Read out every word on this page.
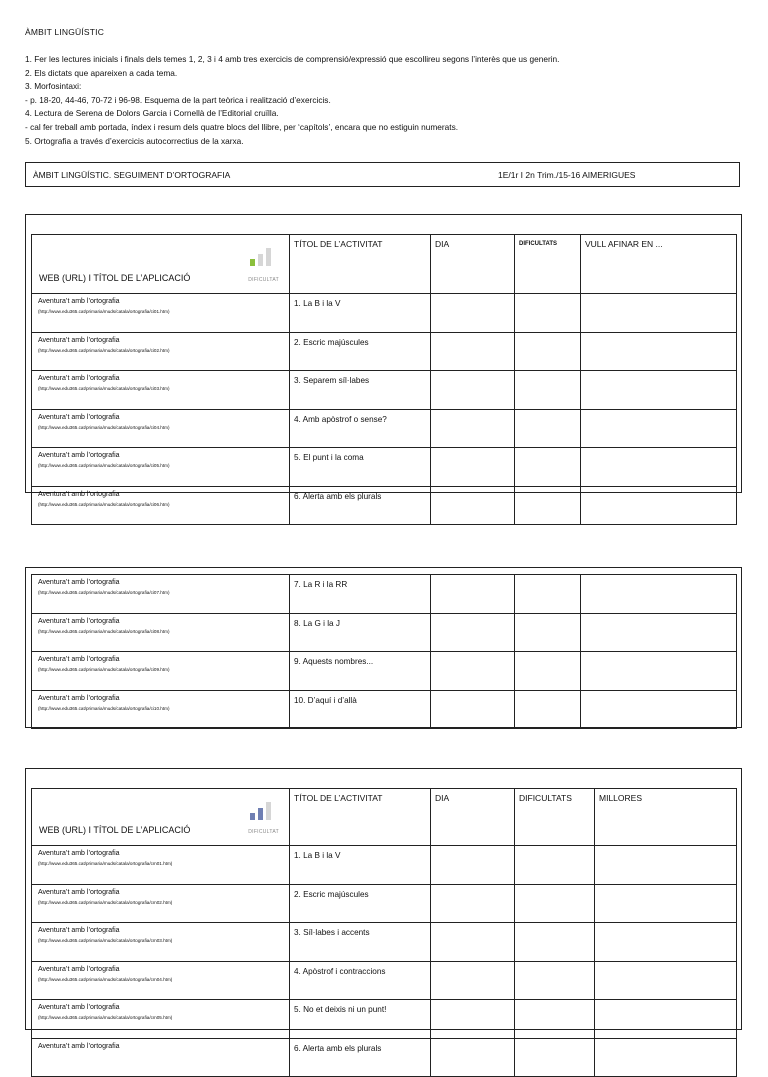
ÀMBIT LINGÜÍSTIC
1. Fer les lectures inicials i finals dels temes 1, 2, 3 i 4 amb tres exercicis de comprensió/expressió que escollireu segons l’interès que us generin.
2. Els dictats que apareixen a cada tema.
3. Morfosintaxi:
- p. 18-20, 44-46, 70-72 i 96-98. Esquema de la part teòrica i realització d’exercicis.
4. Lectura de Serena de Dolors Garcia i Cornellà de l’Editorial cruïlla.
- cal fer treball amb portada, índex i resum dels quatre blocs del llibre, per ‘capítols’, encara que no estiguin numerats.
5. Ortografia a través d’exercicis autocorrectius de la xarxa.
ÀMBIT LINGÜÍSTIC. SEGUIMENT D’ORTOGRAFIA	1E/1r I 2n Trim./15-16 AIMERIGUES
DIFICULTAT
WEB (URL) I TÍTOL DE L’APLICACIÓ	TÍTOL DE L’ACTIVITAT	DIA	DIFICULTATS	VULL AFINAR EN ...

Aventura’t amb l’ortografia
(http://www.edu365.cat/primaria/muds/catala/ortografia/ci01.htm)	1. La B i la V			

Aventura’t amb l’ortografia
(http://www.edu365.cat/primaria/muds/catala/ortografia/ci02.htm)	2. Escric majúscules			

Aventura’t amb l’ortografia
(http://www.edu365.cat/primaria/muds/catala/ortografia/ci03.htm)	3. Separem síl·labes			

Aventura’t amb l’ortografia
(http://www.edu365.cat/primaria/muds/catala/ortografia/ci04.htm)	4. Amb apòstrof o sense?			

Aventura’t amb l’ortografia
(http://www.edu365.cat/primaria/muds/catala/ortografia/ci05.htm)	5. El punt i la coma			

Aventura’t amb l’ortografia
(http://www.edu365.cat/primaria/muds/catala/ortografia/ci06.htm)	6. Alerta amb els plurals			
Aventura’t amb l’ortografia
(http://www.edu365.cat/primaria/muds/catala/ortografia/ci07.htm)	7. La R i la RR			

Aventura’t amb l’ortografia
(http://www.edu365.cat/primaria/muds/catala/ortografia/ci08.htm)	8. La G i la J			

Aventura’t amb l’ortografia
(http://www.edu365.cat/primaria/muds/catala/ortografia/ci09.htm)	9. Aquests nombres...			

Aventura’t amb l’ortografia
(http://www.edu365.cat/primaria/muds/catala/ortografia/ci10.htm)	10. D’aquí i d’allà			
DIFICULTAT
WEB (URL) I TÍTOL DE L’APLICACIÓ	TÍTOL DE L’ACTIVITAT	DIA	DIFICULTATS	MILLORES

Aventura’t amb l’ortografia
(http://www.edu365.cat/primaria/muds/catala/ortografia/cm01.htm)	1. La B i la V			

Aventura’t amb l’ortografia
(http://www.edu365.cat/primaria/muds/catala/ortografia/cm02.htm)	2. Escric majúscules			

Aventura’t amb l’ortografia
(http://www.edu365.cat/primaria/muds/catala/ortografia/cm03.htm)	3. Síl·labes i accents			

Aventura’t amb l’ortografia
(http://www.edu365.cat/primaria/muds/catala/ortografia/cm04.htm)	4. Apòstrof i contraccions			

Aventura’t amb l’ortografia
(http://www.edu365.cat/primaria/muds/catala/ortografia/cm05.htm)	5. No et deixis ni un punt!			

Aventura’t amb l’ortografia	6. Alerta amb els plurals			
